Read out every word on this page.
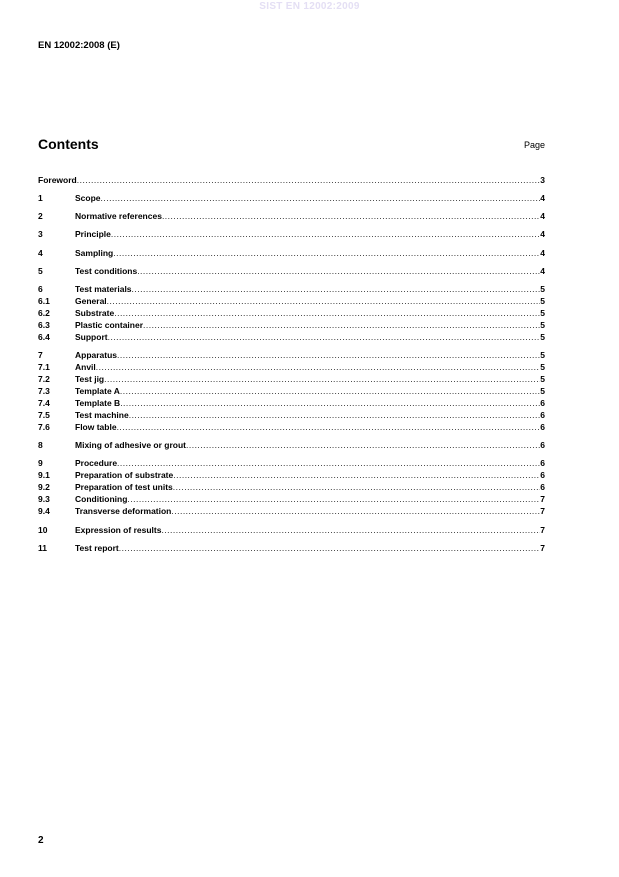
SIST EN 12002:2009
EN 12002:2008 (E)
Contents	Page
Foreword .....	3
1	Scope .....	4
2	Normative references .....	4
3	Principle .....	4
4	Sampling .....	4
5	Test conditions .....	4
6	Test materials .....	5
6.1	General .....	5
6.2	Substrate .....	5
6.3	Plastic container .....	5
6.4	Support .....	5
7	Apparatus .....	5
7.1	Anvil .....	5
7.2	Test jig .....	5
7.3	Template A .....	5
7.4	Template B .....	6
7.5	Test machine .....	6
7.6	Flow table .....	6
8	Mixing of adhesive or grout .....	6
9	Procedure .....	6
9.1	Preparation of substrate .....	6
9.2	Preparation of test units .....	6
9.3	Conditioning .....	7
9.4	Transverse deformation .....	7
10	Expression of results .....	7
11	Test report .....	7
2
